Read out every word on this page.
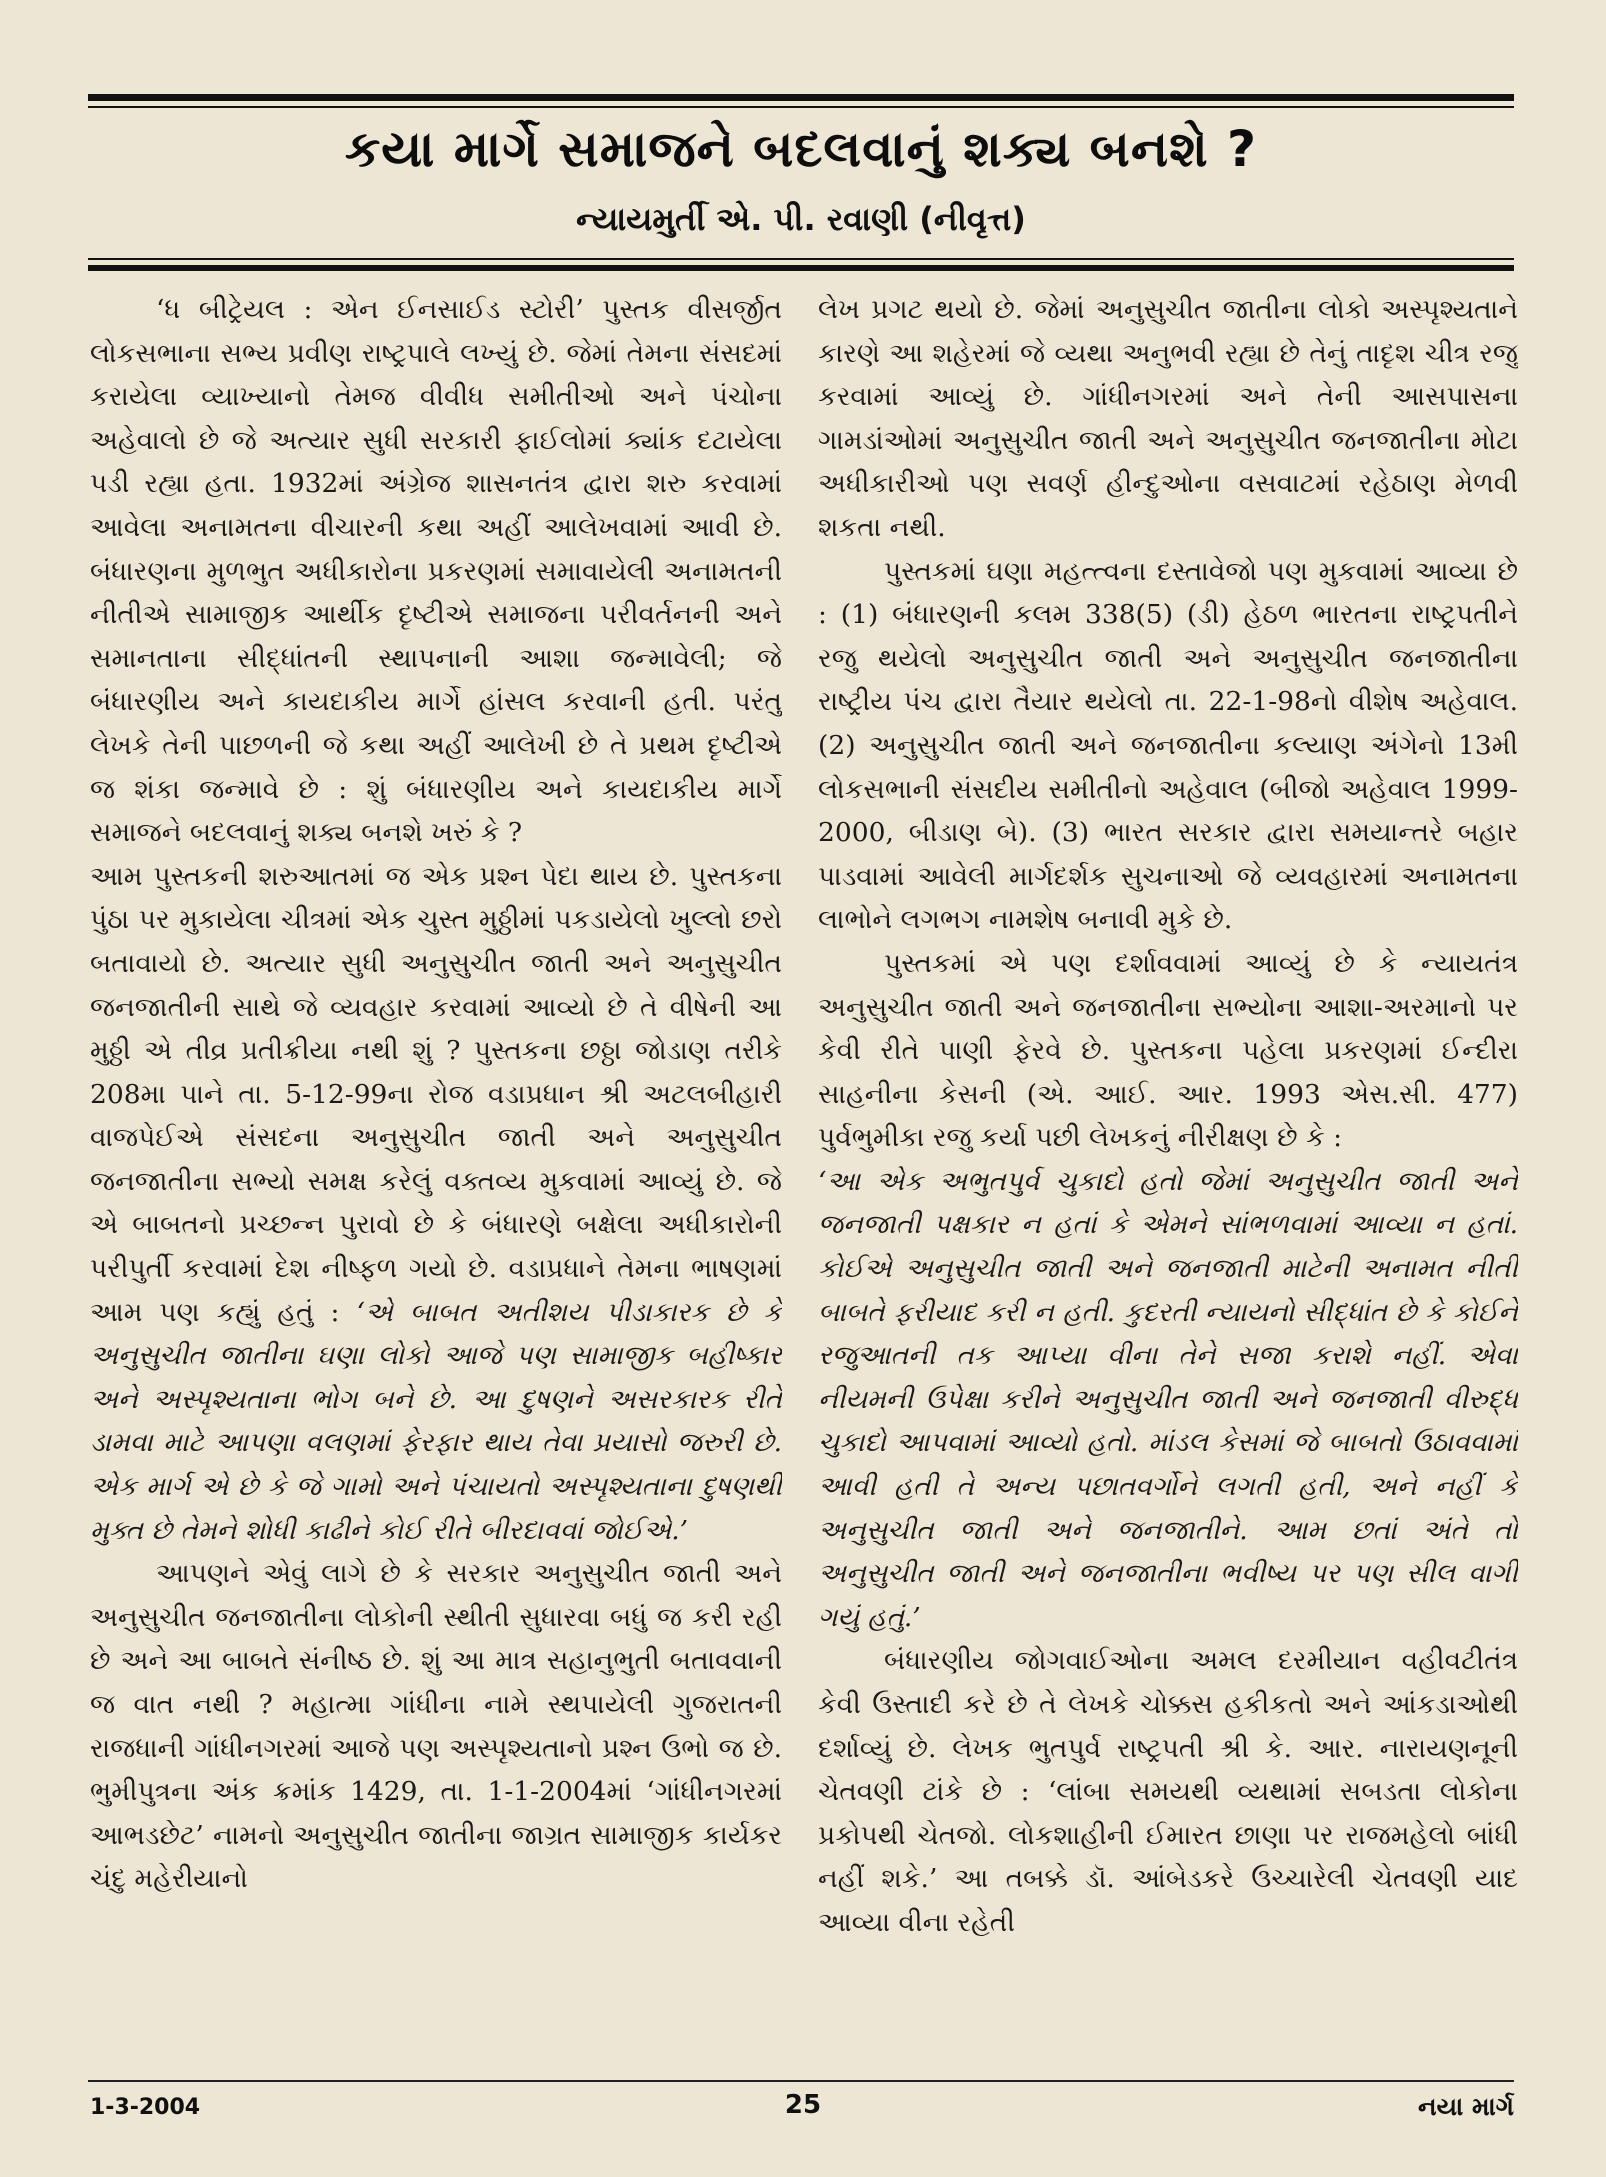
કયા માર્ગે સમાજને બદલવાનું શક્ય બનશે ?
ન્યાયમુર્તી એ. પી. રવાણી (નીવૃત્ત)

‘ધ બીટ્રેયલ : એન ઈનસાઈડ સ્ટોરી’ પુસ્તક વીસર્જીત લોકસભાના સભ્ય પ્રવીણ રાષ્ટ્રપાલે લખ્યું છે. જેમાં તેમના સંસદમાં કરાયેલા વ્યાખ્યાનો તેમજ વીવીધ સમીતીઓ અને પંચોના અહેવાલો છે જે અત્યાર સુધી સરકારી ફાઈલોમાં ક્યાંક દટાયેલા પડી રહ્યા હતા. 1932માં અંગ્રેજ શાસનતંત્ર દ્વારા શરુ કરવામાં આવેલા અનામતના વીચારની કથા અહીં આલેખવામાં આવી છે. બંધારણના મુળભુત અધીકારોના પ્રકરણમાં સમાવાયેલી અનામતની નીતીએ સામાજીક આર્થીક દૃષ્ટીએ સમાજના પરીવર્તનની અને સમાનતાના સીદ્ધાંતની સ્થાપનાની આશા જન્માવેલી; જે બંધારણીય અને કાયદાકીય માર્ગે હાંસલ કરવાની હતી. પરંતુ લેખકે તેની પાછળની જે કથા અહીં આલેખી છે તે પ્રથમ દૃષ્ટીએ જ શંકા જન્માવે છે : શું બંધારણીય અને કાયદાકીય માર્ગે સમાજને બદલવાનું શક્ય બનશે ખરું કે ?

આમ પુસ્તકની શરુઆતમાં જ એક પ્રશ્ન પેદા થાય છે. પુસ્તકના પુંઠા પર મુકાયેલા ચીત્રમાં એક ચુસ્ત મુઠ્ઠીમાં પકડાયેલો ખુલ્લો છરો બતાવાયો છે. અત્યાર સુધી અનુસુચીત જાતી અને અનુસુચીત જનજાતીની સાથે જે વ્યવહાર કરવામાં આવ્યો છે તે વીષેની આ મુઠ્ઠી એ તીવ્ર પ્રતીક્રીયા નથી શું ? પુસ્તકના છઠ્ઠા જોડાણ તરીકે 208મા પાને તા. 5-12-99ના રોજ વડાપ્રધાન શ્રી અટલબીહારી વાજપેઈએ સંસદના અનુસુચીત જાતી અને અનુસુચીત જનજાતીના સભ્યો સમક્ષ કરેલું વક્તવ્ય મુકવામાં આવ્યું છે. જે એ બાબતનો પ્રચ્છન્ન પુરાવો છે કે બંધારણે બક્ષેલા અધીકારોની પરીપુર્તી કરવામાં દેશ નીષ્ફળ ગયો છે. વડાપ્રધાને તેમના ભાષણમાં આમ પણ કહ્યું હતું : ‘એ બાબત અતીશય પીડાકારક છે કે અનુસુચીત જાતીના ઘણા લોકો આજે પણ સામાજીક બહીષ્કાર અને અસ્પૃશ્યતાના ભોગ બને છે. આ દુષણને અસરકારક રીતે ડામવા માટે આપણા વલણમાં ફેરફાર થાય તેવા પ્રયાસો જરુરી છે. એક માર્ગ એ છે કે જે ગામો અને પંચાયતો અસ્પૃશ્યતાના દુષણથી મુક્ત છે તેમને શોધી કાઢીને કોઈ રીતે બીરદાવવાં જોઈએ.’

આપણને એવું લાગે છે કે સરકાર અનુસુચીત જાતી અને અનુસુચીત જનજાતીના લોકોની સ્થીતી સુધારવા બધું જ કરી રહી છે અને આ બાબતે સંનીષ્ઠ છે. શું આ માત્ર સહાનુભુતી બતાવવાની જ વાત નથી ? મહાત્મા ગાંધીના નામે સ્થપાયેલી ગુજરાતની રાજધાની ગાંધીનગરમાં આજે પણ અસ્પૃશ્યતાનો પ્રશ્ન ઉભો જ છે. ભુમીપુત્રના અંક ક્રમાંક 1429, તા. 1-1-2004માં ‘ગાંધીનગરમાં આભડછેટ’ નામનો અનુસુચીત જાતીના જાગ્રત સામાજીક કાર્યકર ચંદુ મહેરીયાનો

લેખ પ્રગટ થયો છે. જેમાં અનુસુચીત જાતીના લોકો અસ્પૃશ્યતાને કારણે આ શહેરમાં જે વ્યથા અનુભવી રહ્યા છે તેનું તાદૃશ ચીત્ર રજુ કરવામાં આવ્યું છે. ગાંધીનગરમાં અને તેની આસપાસના ગામડાંઓમાં અનુસુચીત જાતી અને અનુસુચીત જનજાતીના મોટા અધીકારીઓ પણ સવર્ણ હીન્દુઓના વસવાટમાં રહેઠાણ મેળવી શકતા નથી.

પુસ્તકમાં ઘણા મહત્ત્વના દસ્તાવેજો પણ મુકવામાં આવ્યા છે : (1) બંધારણની કલમ 338(5) (ડી) હેઠળ ભારતના રાષ્ટ્રપતીને રજુ થયેલો અનુસુચીત જાતી અને અનુસુચીત જનજાતીના રાષ્ટ્રીય પંચ દ્વારા તૈયાર થયેલો તા. 22-1-98નો વીશેષ અહેવાલ. (2) અનુસુચીત જાતી અને જનજાતીના કલ્યાણ અંગેનો 13મી લોકસભાની સંસદીય સમીતીનો અહેવાલ (બીજો અહેવાલ 1999-2000, બીડાણ બે). (3) ભારત સરકાર દ્વારા સમયાન્તરે બહાર પાડવામાં આવેલી માર્ગદર્શક સુચનાઓ જે વ્યવહારમાં અનામતના લાભોને લગભગ નામશેષ બનાવી મુકે છે.

પુસ્તકમાં એ પણ દર્શાવવામાં આવ્યું છે કે ન્યાયતંત્ર અનુસુચીત જાતી અને જનજાતીના સભ્યોના આશા-અરમાનો પર કેવી રીતે પાણી ફેરવે છે. પુસ્તકના પહેલા પ્રકરણમાં ઈન્દીરા સાહનીના કેસની (એ. આઈ. આર. 1993 એસ.સી. 477) પુર્વભુમીકા રજુ કર્યા પછી લેખકનું નીરીક્ષણ છે કે :

‘આ એક અભુતપુર્વ ચુકાદો હતો જેમાં અનુસુચીત જાતી અને જનજાતી પક્ષકાર ન હતાં કે એમને સાંભળવામાં આવ્યા ન હતાં. કોઈએ અનુસુચીત જાતી અને જનજાતી માટેની અનામત નીતી બાબતે ફરીયાદ કરી ન હતી. કુદરતી ન્યાયનો સીદ્ધાંત છે કે કોઈને રજુઆતની તક આપ્યા વીના તેને સજા કરાશે નહીં. એવા નીયમની ઉપેક્ષા કરીને અનુસુચીત જાતી અને જનજાતી વીરુદ્ધ ચુકાદો આપવામાં આવ્યો હતો. માંડલ કેસમાં જે બાબતો ઉઠાવવામાં આવી હતી તે અન્ય પછાતવર્ગોને લગતી હતી, અને નહીં કે અનુસુચીત જાતી અને જનજાતીને. આમ છતાં અંતે તો અનુસુચીત જાતી અને જનજાતીના ભવીષ્ય પર પણ સીલ વાગી ગયું હતું.’

બંધારણીય જોગવાઈઓના અમલ દરમીયાન વહીવટીતંત્ર કેવી ઉસ્તાદી કરે છે તે લેખકે ચોક્કસ હકીકતો અને આંકડાઓથી દર્શાવ્યું છે. લેખક ભુતપુર્વ રાષ્ટ્રપતી શ્રી કે. આર. નારાયણનૂની ચેતવણી ટાંકે છે : ‘લાંબા સમયથી વ્યથામાં સબડતા લોકોના પ્રકોપથી ચેતજો. લોકશાહીની ઈમારત છાણા પર રાજમહેલો બાંધી નહીં શકે.’ આ તબક્કે ડૉ. આંબેડકરે ઉચ્ચારેલી ચેતવણી યાદ આવ્યા વીના રહેતી

1-3-2004	25	નયા માર્ગ
